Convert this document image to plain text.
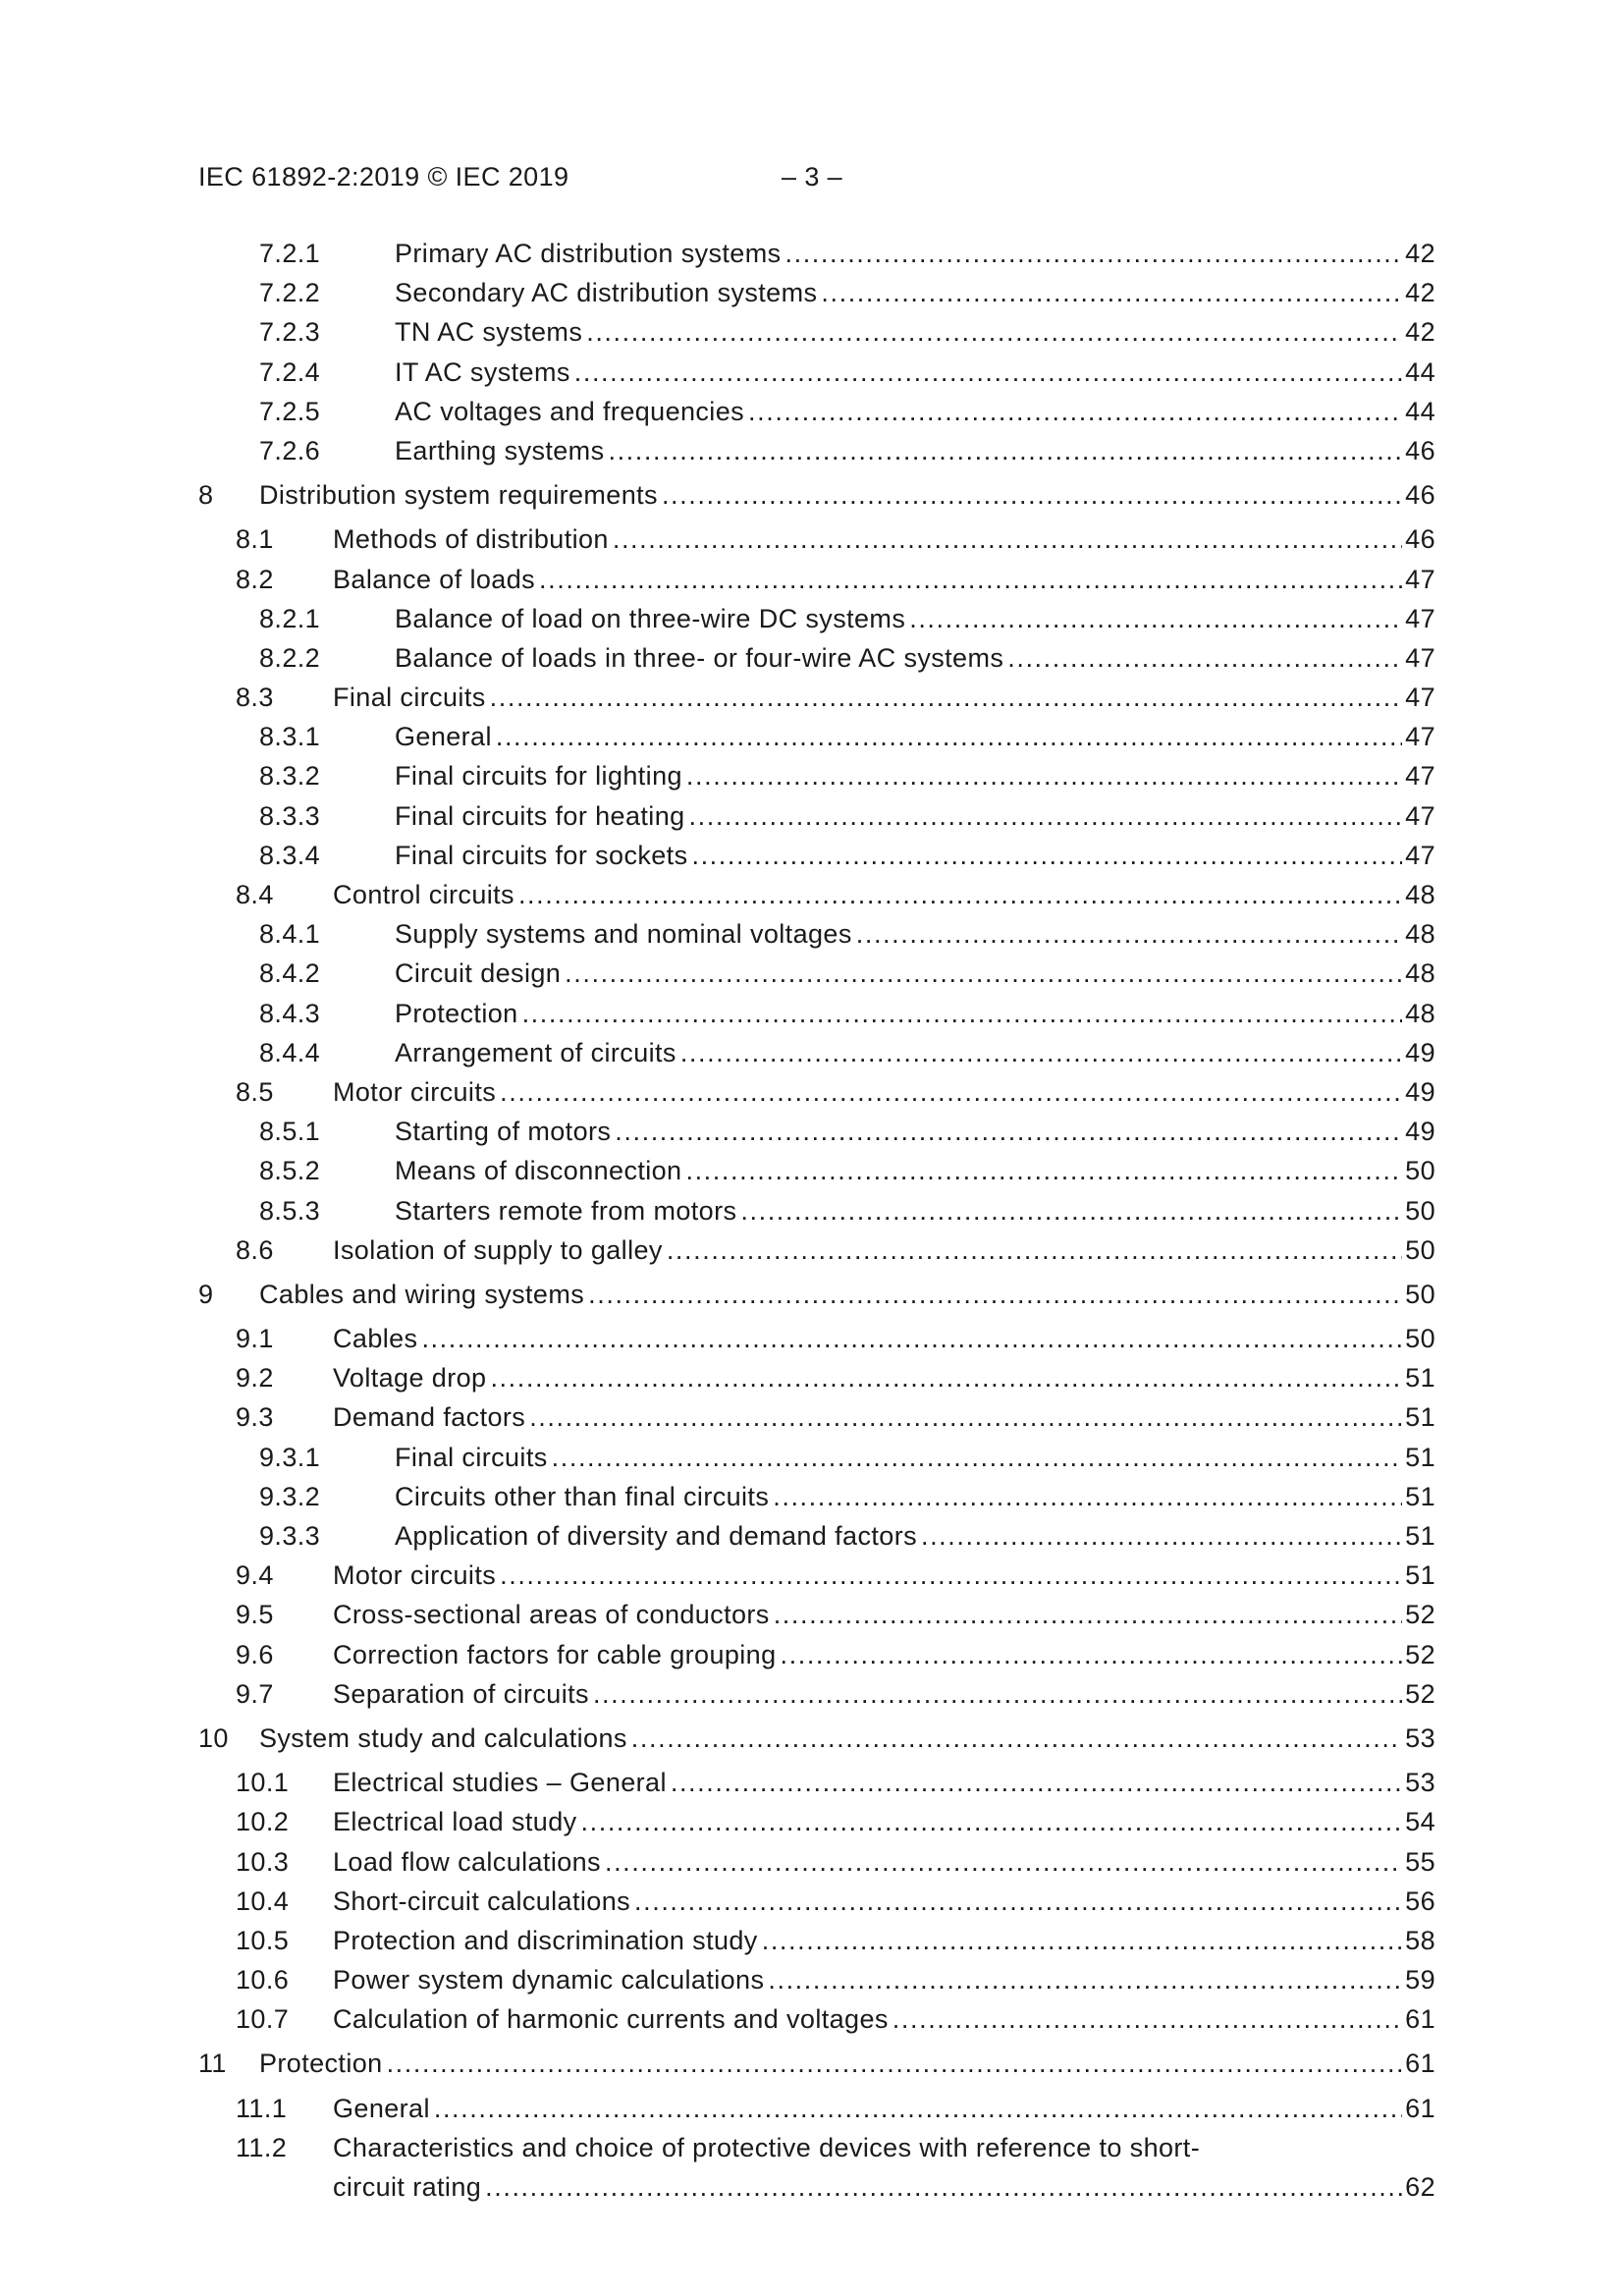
IEC 61892-2:2019 © IEC 2019	– 3 –
7.2.1	Primary AC distribution systems .....	42
7.2.2	Secondary AC distribution systems .....	42
7.2.3	TN AC systems .....	42
7.2.4	IT AC systems .....	44
7.2.5	AC voltages and frequencies .....	44
7.2.6	Earthing systems .....	46
8 Distribution system requirements .....	46
8.1 Methods of distribution .....	46
8.2 Balance of loads .....	47
8.2.1	Balance of load on three-wire DC systems .....	47
8.2.2	Balance of loads in three- or four-wire AC systems .....	47
8.3 Final circuits .....	47
8.3.1	General .....	47
8.3.2	Final circuits for lighting .....	47
8.3.3	Final circuits for heating .....	47
8.3.4	Final circuits for sockets .....	47
8.4 Control circuits .....	48
8.4.1	Supply systems and nominal voltages .....	48
8.4.2	Circuit design .....	48
8.4.3	Protection .....	48
8.4.4	Arrangement of circuits .....	49
8.5 Motor circuits .....	49
8.5.1	Starting of motors .....	49
8.5.2	Means of disconnection .....	50
8.5.3	Starters remote from motors .....	50
8.6 Isolation of supply to galley .....	50
9 Cables and wiring systems .....	50
9.1 Cables .....	50
9.2 Voltage drop .....	51
9.3 Demand factors .....	51
9.3.1	Final circuits .....	51
9.3.2	Circuits other than final circuits .....	51
9.3.3	Application of diversity and demand factors .....	51
9.4 Motor circuits .....	51
9.5 Cross-sectional areas of conductors .....	52
9.6 Correction factors for cable grouping .....	52
9.7 Separation of circuits .....	52
10 System study and calculations .....	53
10.1 Electrical studies – General .....	53
10.2 Electrical load study .....	54
10.3 Load flow calculations .....	55
10.4 Short-circuit calculations .....	56
10.5 Protection and discrimination study .....	58
10.6 Power system dynamic calculations .....	59
10.7 Calculation of harmonic currents and voltages .....	61
11 Protection .....	61
11.1 General .....	61
11.2 Characteristics and choice of protective devices with reference to short-
circuit rating .....	62
